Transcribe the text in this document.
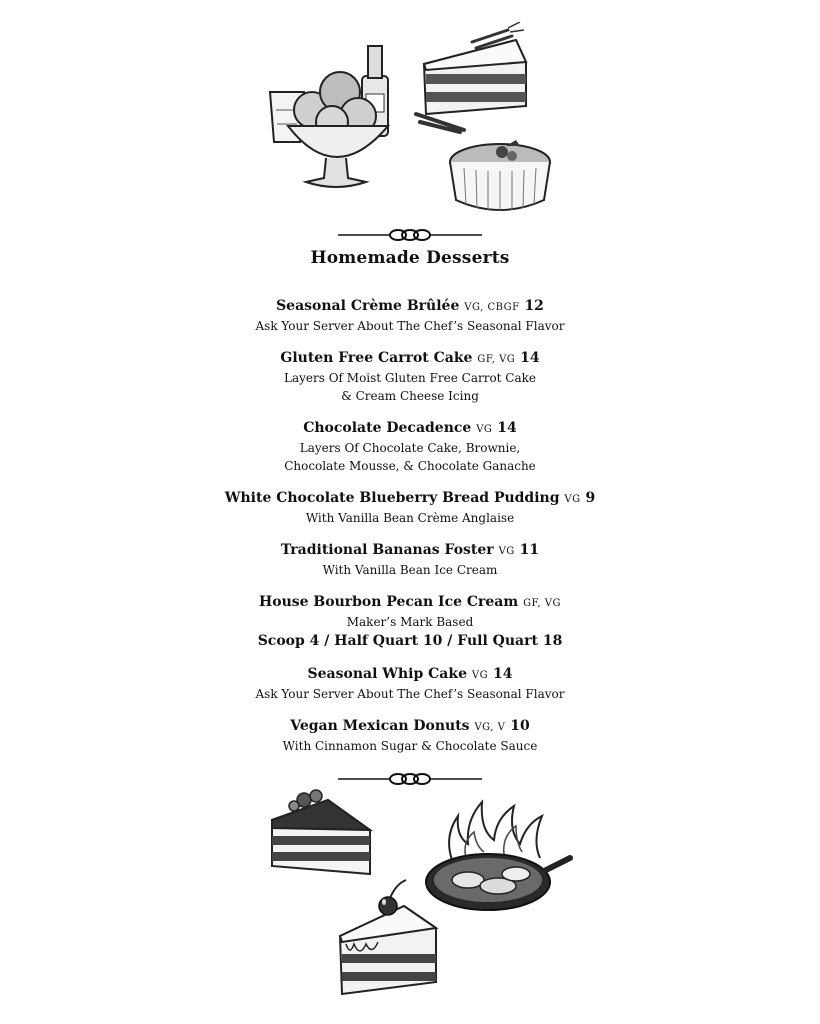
Homemade Desserts
Seasonal Crème Brûlée VG, CBGF 12
Ask Your Server About The Chef’s Seasonal Flavor
Gluten Free Carrot Cake GF, VG 14
Layers Of Moist Gluten Free Carrot Cake
& Cream Cheese Icing
Chocolate Decadence VG 14
Layers Of Chocolate Cake, Brownie,
Chocolate Mousse, & Chocolate Ganache
White Chocolate Blueberry Bread Pudding VG 9
With Vanilla Bean Crème Anglaise
Traditional Bananas Foster VG 11
With Vanilla Bean Ice Cream
House Bourbon Pecan Ice Cream GF, VG
Maker’s Mark Based
Scoop 4 / Half Quart 10 / Full Quart 18
Seasonal Whip Cake VG 14
Ask Your Server About The Chef’s Seasonal Flavor
Vegan Mexican Donuts VG, V 10
With Cinnamon Sugar & Chocolate Sauce
